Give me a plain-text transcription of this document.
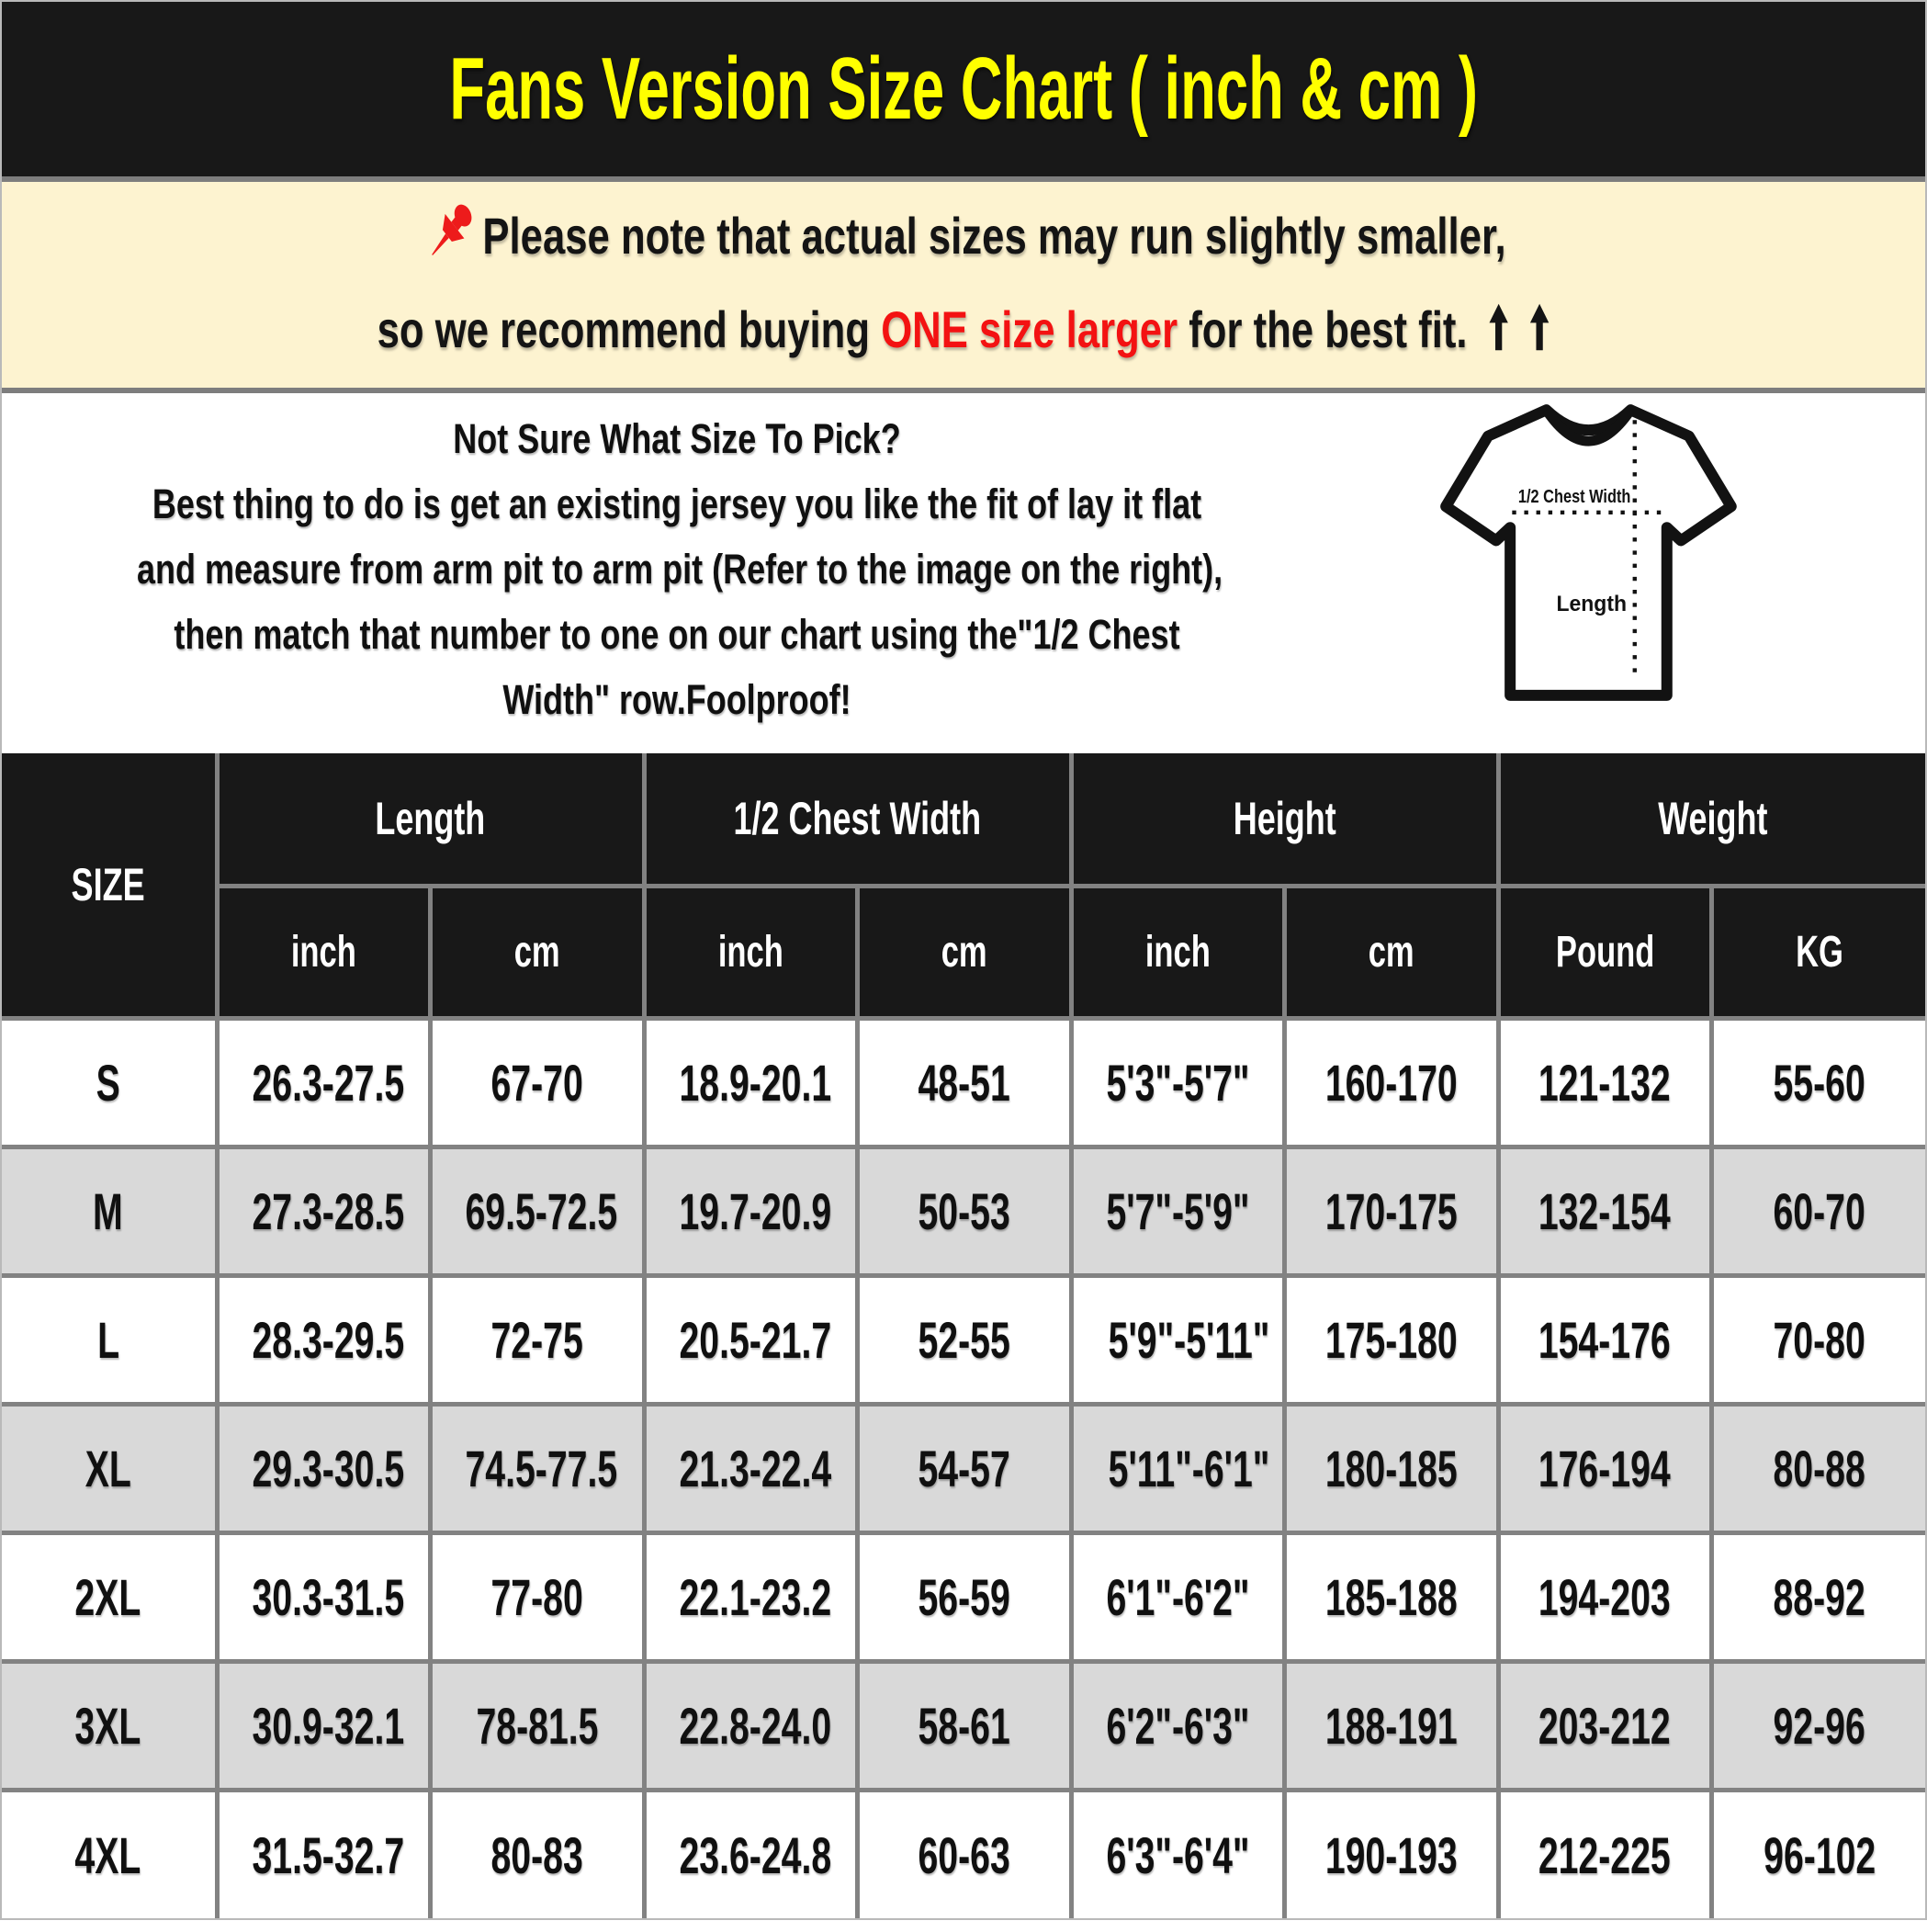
Fans Version Size Chart ( inch & cm )
Please note that actual sizes may run slightly smaller,
so we recommend buying ONE size larger for the best fit.
Not Sure What Size To Pick?
Best thing to do is get an existing jersey you like the fit of lay it flat
and measure from arm pit to arm pit (Refer to the image on the right),
then match that number to one on our chart using the"1/2 Chest
Width" row.Foolproof!
1/2 Chest Width
Length
SIZE	Length		1/2 Chest Width		Height		Weight	
	inch	cm	inch	cm	inch	cm	Pound	KG
S	26.3-27.5	67-70	18.9-20.1	48-51	5'3"-5'7"	160-170	121-132	55-60
M	27.3-28.5	69.5-72.5	19.7-20.9	50-53	5'7"-5'9"	170-175	132-154	60-70
L	28.3-29.5	72-75	20.5-21.7	52-55	5'9"-5'11"	175-180	154-176	70-80
XL	29.3-30.5	74.5-77.5	21.3-22.4	54-57	5'11"-6'1"	180-185	176-194	80-88
2XL	30.3-31.5	77-80	22.1-23.2	56-59	6'1"-6'2"	185-188	194-203	88-92
3XL	30.9-32.1	78-81.5	22.8-24.0	58-61	6'2"-6'3"	188-191	203-212	92-96
4XL	31.5-32.7	80-83	23.6-24.8	60-63	6'3"-6'4"	190-193	212-225	96-102
